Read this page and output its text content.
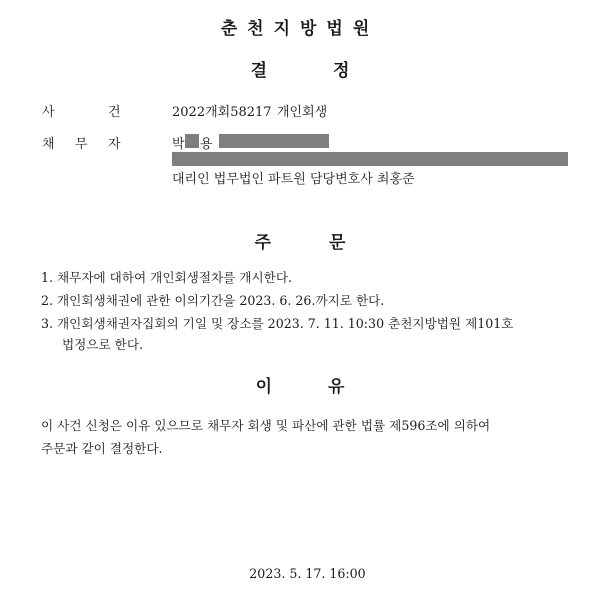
춘천지방법원
결	정
사	건	2022개회58217 개인회생
채 무 자	박 용
대리인 법무법인 파트원 담당변호사 최홍준
주	문
1. 채무자에 대하여 개인회생절차를 개시한다.
2. 개인회생채권에 관한 이의기간을 2023. 6. 26.까지로 한다.
3. 개인회생채권자집회의 기일 및 장소를 2023. 7. 11. 10:30 춘천지방법원 제101호
법정으로 한다.
이	유
이 사건 신청은 이유 있으므로 채무자 회생 및 파산에 관한 법률 제596조에 의하여
주문과 같이 결정한다.
2023. 5. 17. 16:00
